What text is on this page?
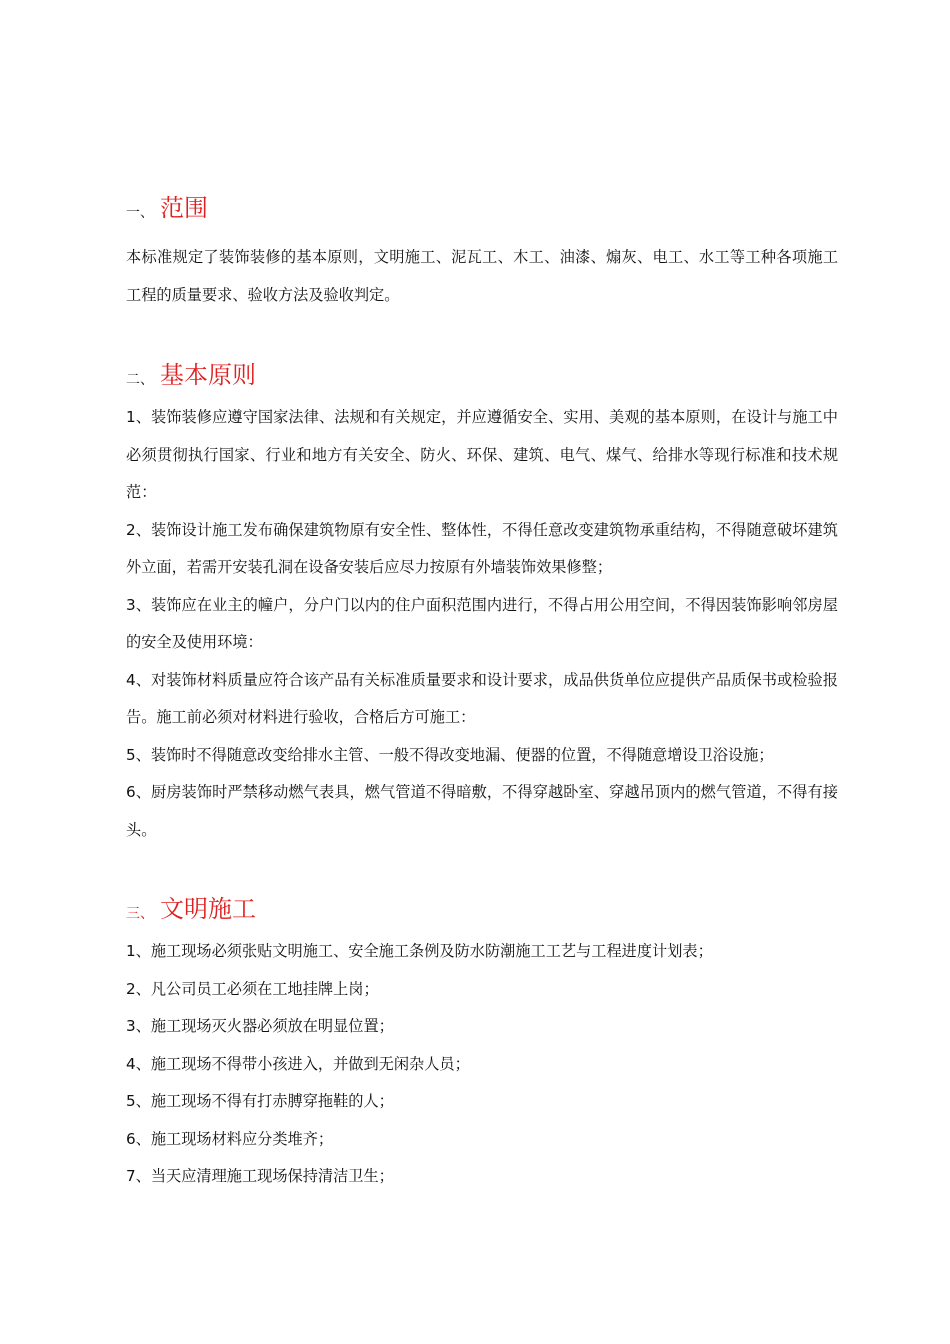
一、 范围

本标准规定了装饰装修的基本原则，文明施工、泥瓦工、木工、油漆、煽灰、电工、水工等工种各项施工工程的质量要求、验收方法及验收判定。

二、 基本原则

1、装饰装修应遵守国家法律、法规和有关规定，并应遵循安全、实用、美观的基本原则，在设计与施工中必须贯彻执行国家、行业和地方有关安全、防火、环保、建筑、电气、煤气、给排水等现行标准和技术规范：

2、装饰设计施工发布确保建筑物原有安全性、整体性，不得任意改变建筑物承重结构，不得随意破坏建筑外立面，若需开安装孔洞在设备安装后应尽力按原有外墙装饰效果修整；

3、装饰应在业主的幢户，分户门以内的住户面积范围内进行，不得占用公用空间，不得因装饰影响邻房屋的安全及使用环境：

4、对装饰材料质量应符合该产品有关标准质量要求和设计要求，成品供货单位应提供产品质保书或检验报告。施工前必须对材料进行验收，合格后方可施工：

5、装饰时不得随意改变给排水主管、一般不得改变地漏、便器的位置，不得随意增设卫浴设施；

6、厨房装饰时严禁移动燃气表具，燃气管道不得暗敷，不得穿越卧室、穿越吊顶内的燃气管道，不得有接头。

三、 文明施工

1、施工现场必须张贴文明施工、安全施工条例及防水防潮施工工艺与工程进度计划表；

2、凡公司员工必须在工地挂牌上岗；

3、施工现场灭火器必须放在明显位置；

4、施工现场不得带小孩进入，并做到无闲杂人员；

5、施工现场不得有打赤膊穿拖鞋的人；

6、施工现场材料应分类堆齐；

7、当天应清理施工现场保持清洁卫生；
